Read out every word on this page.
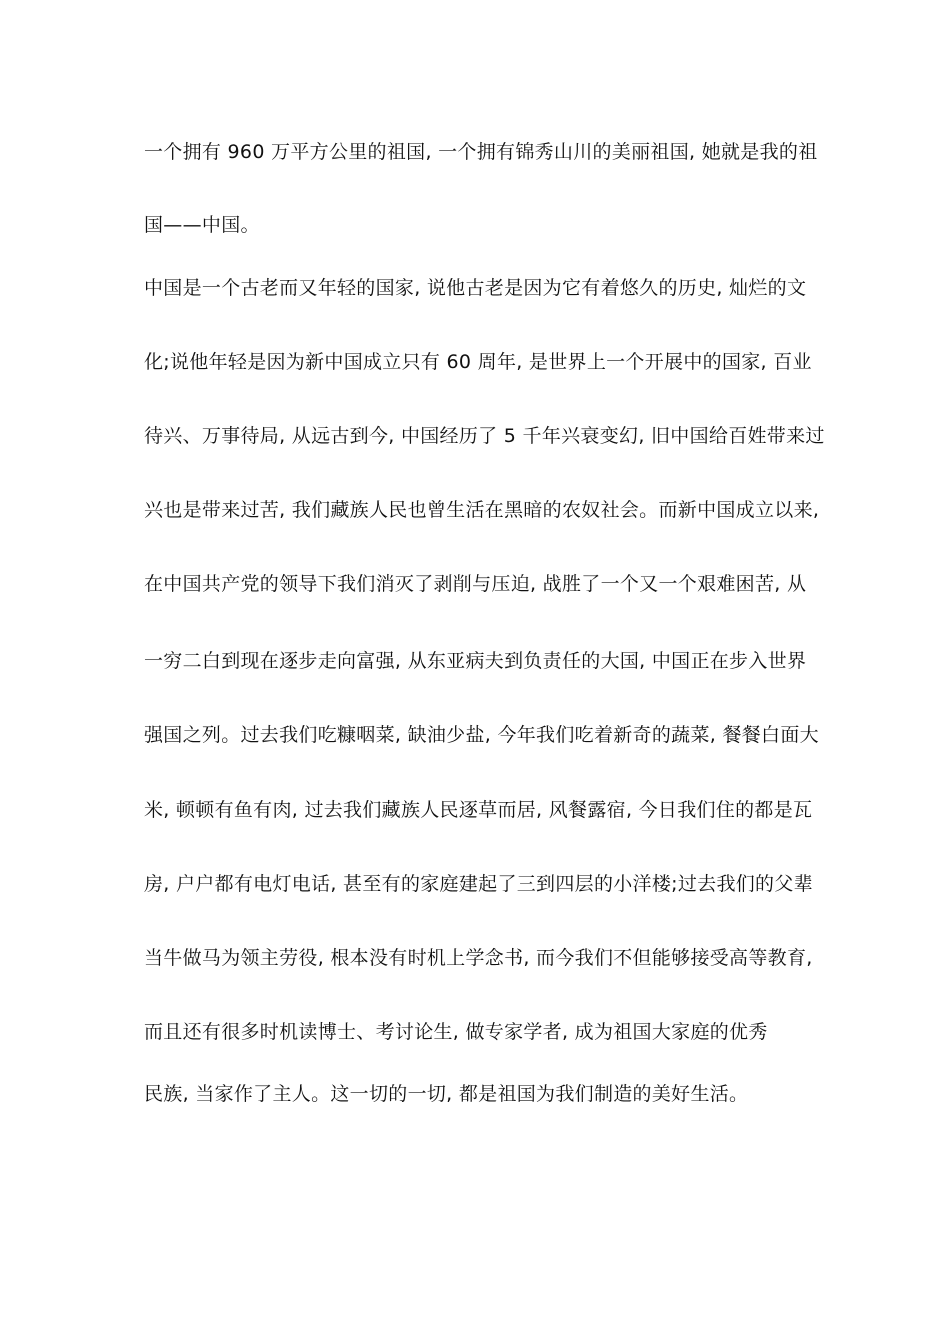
一个拥有 960 万平方公里的祖国, 一个拥有锦秀山川的美丽祖国, 她就是我的祖

国——中国。

中国是一个古老而又年轻的国家, 说他古老是因为它有着悠久的历史, 灿烂的文

化;说他年轻是因为新中国成立只有 60 周年, 是世界上一个开展中的国家, 百业

待兴、万事待局, 从远古到今, 中国经历了 5 千年兴衰变幻, 旧中国给百姓带来过

兴也是带来过苦, 我们藏族人民也曾生活在黑暗的农奴社会。而新中国成立以来,

在中国共产党的领导下我们消灭了剥削与压迫, 战胜了一个又一个艰难困苦, 从

一穷二白到现在逐步走向富强, 从东亚病夫到负责任的大国, 中国正在步入世界

强国之列。过去我们吃糠咽菜, 缺油少盐, 今年我们吃着新奇的蔬菜, 餐餐白面大

米, 顿顿有鱼有肉, 过去我们藏族人民逐草而居, 风餐露宿, 今日我们住的都是瓦

房, 户户都有电灯电话, 甚至有的家庭建起了三到四层的小洋楼;过去我们的父辈

当牛做马为领主劳役, 根本没有时机上学念书, 而今我们不但能够接受高等教育,

而且还有很多时机读博士、考讨论生, 做专家学者, 成为祖国大家庭的优秀

民族, 当家作了主人。这一切的一切, 都是祖国为我们制造的美好生活。
